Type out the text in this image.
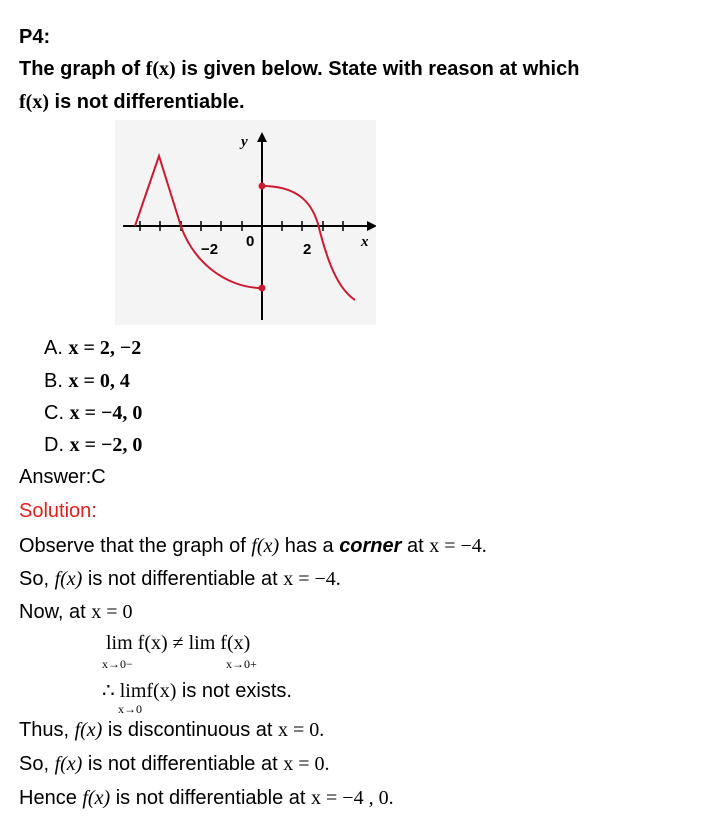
P4:
The graph of f(x) is given below. State with reason at which
f(x) is not differentiable.
y
x
−2 0	2
A. x = 2, −2
B. x = 0, 4
C. x = −4, 0
D. x = −2, 0
Answer:C
Solution:
Observe that the graph of f(x) has a corner at x = −4.
So, f(x) is not differentiable at x = −4.
Now, at x = 0
lim f(x) ≠ lim f(x)
x→0−	x→0+
∴ limf(x) is not exists.
x→0
Thus, f(x) is discontinuous at x = 0.
So, f(x) is not differentiable at x = 0.
Hence f(x) is not differentiable at x = −4 , 0.
